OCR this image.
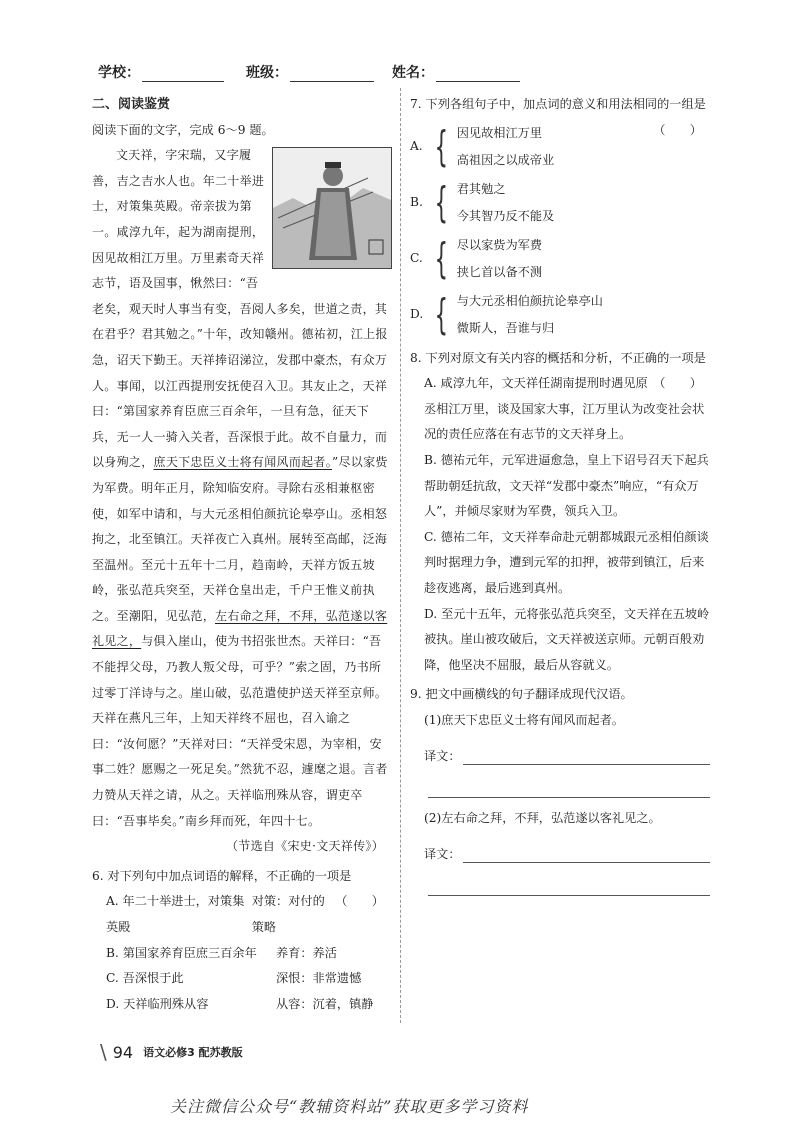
学校：	班级：	姓名：
二、阅读鉴赏

阅读下面的文字，完成 6～9 题。

文天祥，字宋瑞，又字履善，吉之吉水人也。年二十举进士，对策集英殿。帝亲拔为第一。咸淳九年，起为湖南提刑，因见故相江万里。万里素奇天祥志节，语及国事，愀然曰：“吾老矣，观天时人事当有变，吾阅人多矣，世道之责，其在君乎？君其勉之。”十年，改知赣州。德祐初，江上报急，诏天下勤王。天祥捧诏涕泣，发郡中豪杰，有众万人。事闻，以江西提刑安抚使召入卫。其友止之，天祥曰：“第国家养育臣庶三百余年，一旦有急，征天下兵，无一人一骑入关者，吾深恨于此。故不自量力，而以身殉之，庶天下忠臣义士将有闻风而起者。”尽以家赀为军费。明年正月，除知临安府。寻除右丞相兼枢密使，如军中请和，与大元丞相伯颜抗论皋亭山。丞相怒拘之，北至镇江。天祥夜亡入真州。展转至高邮，泛海至温州。至元十五年十二月，趋南岭，天祥方饭五坡岭，张弘范兵突至，天祥仓皇出走，千户王惟义前执之。至潮阳，见弘范，左右命之拜，不拜，弘范遂以客礼见之，与俱入崖山，使为书招张世杰。天祥曰：“吾不能捍父母，乃教人叛父母，可乎？”索之固，乃书所过零丁洋诗与之。崖山破，弘范遣使护送天祥至京师。天祥在燕凡三年，上知天祥终不屈也，召入谕之曰：“汝何愿？”天祥对曰：“天祥受宋恩，为宰相，安事二姓？愿赐之一死足矣。”然犹不忍，遽麾之退。言者力赞从天祥之请，从之。天祥临刑殊从容，谓吏卒曰：“吾事毕矣。”南乡拜而死，年四十七。

（节选自《宋史·文天祥传》）

6. 对下列句中加点词语的解释，不正确的一项是
（　　）
A. 年二十举进士，对策集英殿
对策：对付的策略
B. 第国家养育臣庶三百余年	养育：养活
C. 吾深恨于此	深恨：非常遗憾
D. 天祥临刑殊从容	从容：沉着，镇静
7. 下列各组句子中，加点词的意义和用法相同的一组是
（　　）
A. { 因见故相江万里
高祖因之以成帝业
B. { 君其勉之
今其智乃反不能及
C. { 尽以家赀为军费
挟匕首以备不测
D. { 与大元丞相伯颜抗论皋亭山
微斯人，吾谁与归
8. 下列对原文有关内容的概括和分析，不正确的一项是
（　　）
A. 咸淳九年，文天祥任湖南提刑时遇见原丞相江万里，谈及国家大事，江万里认为改变社会状况的责任应落在有志节的文天祥身上。
B. 德祐元年，元军进逼愈急，皇上下诏号召天下起兵帮助朝廷抗敌，文天祥“发郡中豪杰”响应，“有众万人”，并倾尽家财为军费，领兵入卫。
C. 德祐二年，文天祥奉命赴元朝都城跟元丞相伯颜谈判时据理力争，遭到元军的扣押，被带到镇江，后来趁夜逃离，最后逃到真州。
D. 至元十五年，元将张弘范兵突至，文天祥在五坡岭被执。崖山被攻破后，文天祥被送京师。元朝百般劝降，他坚决不屈服，最后从容就义。
9. 把文中画横线的句子翻译成现代汉语。
(1)庶天下忠臣义士将有闻风而起者。
译文：
(2)左右命之拜，不拜，弘范遂以客礼见之。
译文：
\ 94 语文必修3 配苏教版
关注微信公众号“教辅资料站”获取更多学习资料
